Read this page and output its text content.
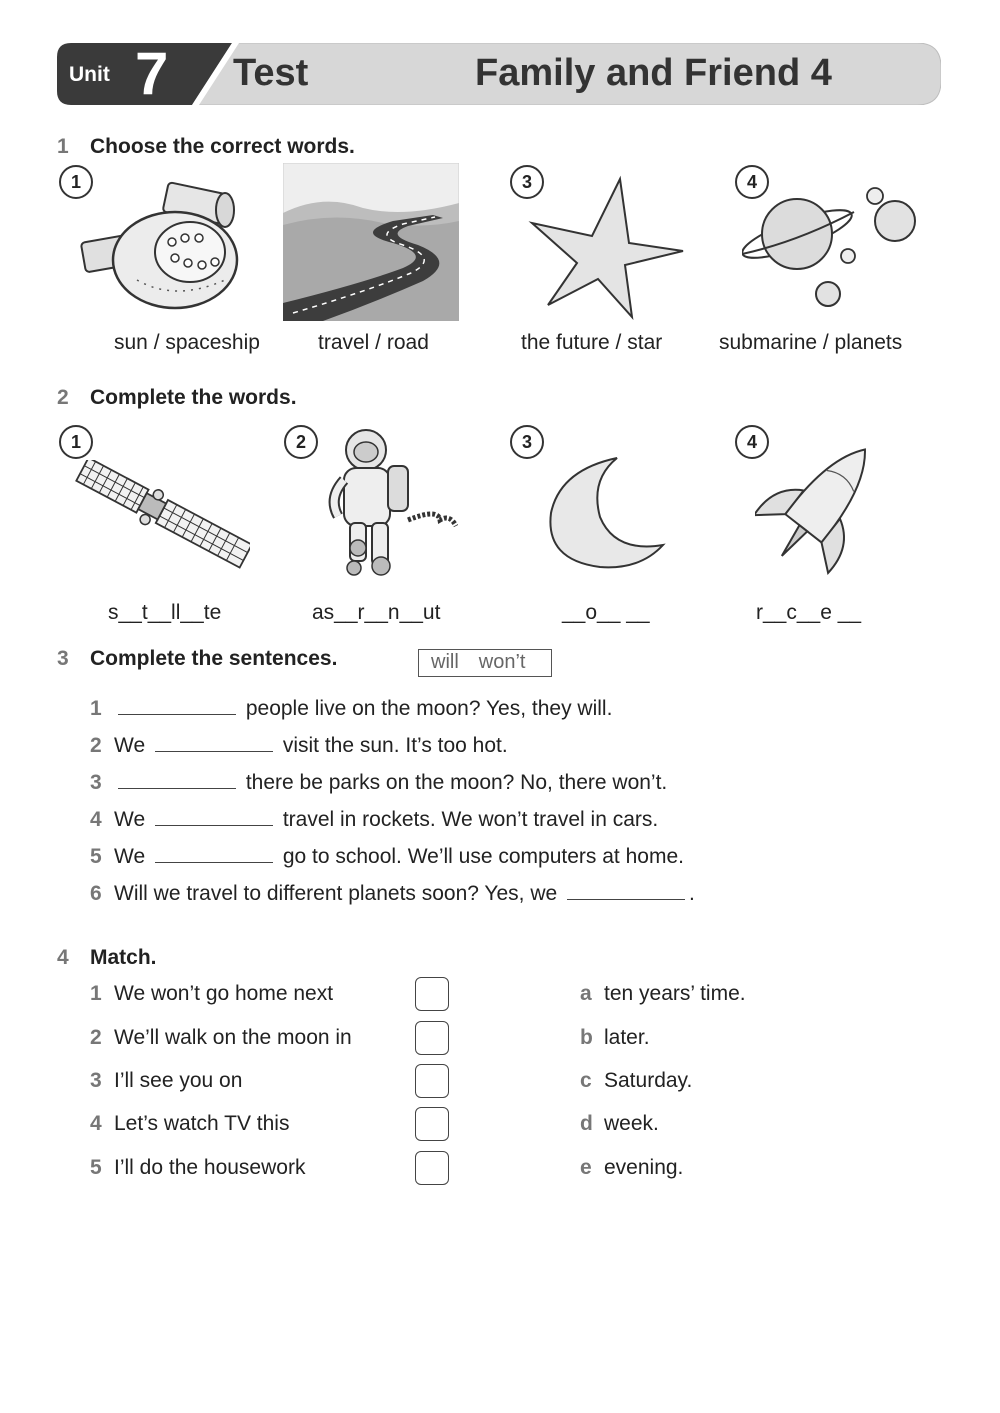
Unit 7 Test	Family and Friend 4
1 Choose the correct words.
1
sun / spaceship	travel / road
3
the future / star
4
submarine / planets
2 Complete the words.
1
s__t__ll__te
2
as__r__n__ut
3
__o__ __
4
r__c__e __
3 Complete the sentences.	will won’t
1	people live on the moon? Yes, they will.
2 We	visit the sun. It’s too hot.
3	there be parks on the moon? No, there won’t.
4 We	travel in rockets. We won’t travel in cars.
5 We	go to school. We’ll use computers at home.
6 Will we travel to different planets soon? Yes, we	.
4 Match.
1 We won’t go home next	a ten years’ time.
2 We’ll walk on the moon in	b later.
3 I’ll see you on	c Saturday.
4 Let’s watch TV this	d week.
5 I’ll do the housework	e evening.
